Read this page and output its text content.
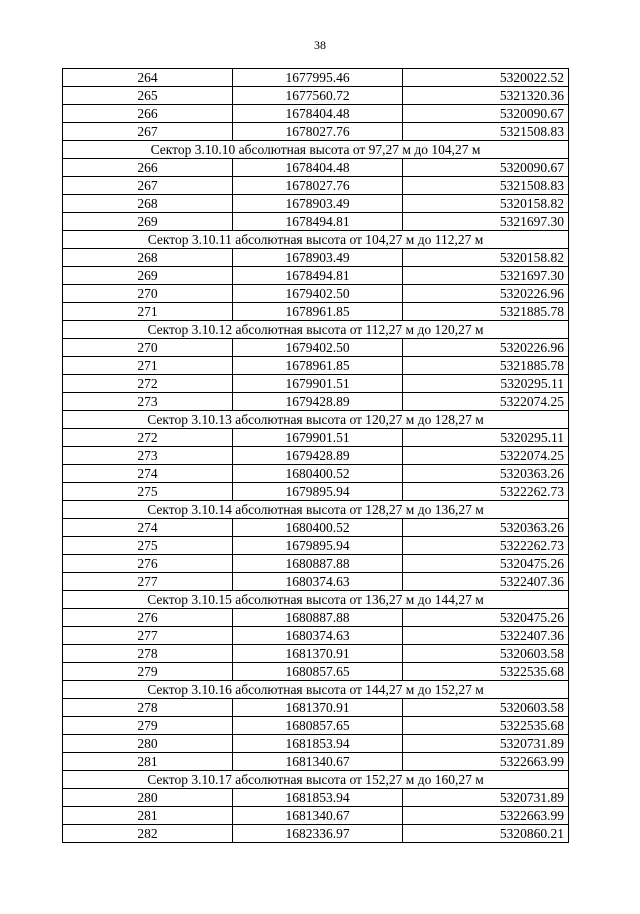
38
264	1677995.46	5320022.52
265	1677560.72	5321320.36
266	1678404.48	5320090.67
267	1678027.76	5321508.83
Сектор 3.10.10 абсолютная высота от 97,27 м до 104,27 м		
266	1678404.48	5320090.67
267	1678027.76	5321508.83
268	1678903.49	5320158.82
269	1678494.81	5321697.30
Сектор 3.10.11 абсолютная высота от 104,27 м до 112,27 м		
268	1678903.49	5320158.82
269	1678494.81	5321697.30
270	1679402.50	5320226.96
271	1678961.85	5321885.78
Сектор 3.10.12 абсолютная высота от 112,27 м до 120,27 м		
270	1679402.50	5320226.96
271	1678961.85	5321885.78
272	1679901.51	5320295.11
273	1679428.89	5322074.25
Сектор 3.10.13 абсолютная высота от 120,27 м до 128,27 м		
272	1679901.51	5320295.11
273	1679428.89	5322074.25
274	1680400.52	5320363.26
275	1679895.94	5322262.73
Сектор 3.10.14 абсолютная высота от 128,27 м до 136,27 м		
274	1680400.52	5320363.26
275	1679895.94	5322262.73
276	1680887.88	5320475.26
277	1680374.63	5322407.36
Сектор 3.10.15 абсолютная высота от 136,27 м до 144,27 м		
276	1680887.88	5320475.26
277	1680374.63	5322407.36
278	1681370.91	5320603.58
279	1680857.65	5322535.68
Сектор 3.10.16 абсолютная высота от 144,27 м до 152,27 м		
278	1681370.91	5320603.58
279	1680857.65	5322535.68
280	1681853.94	5320731.89
281	1681340.67	5322663.99
Сектор 3.10.17 абсолютная высота от 152,27 м до 160,27 м		
280	1681853.94	5320731.89
281	1681340.67	5322663.99
282	1682336.97	5320860.21
